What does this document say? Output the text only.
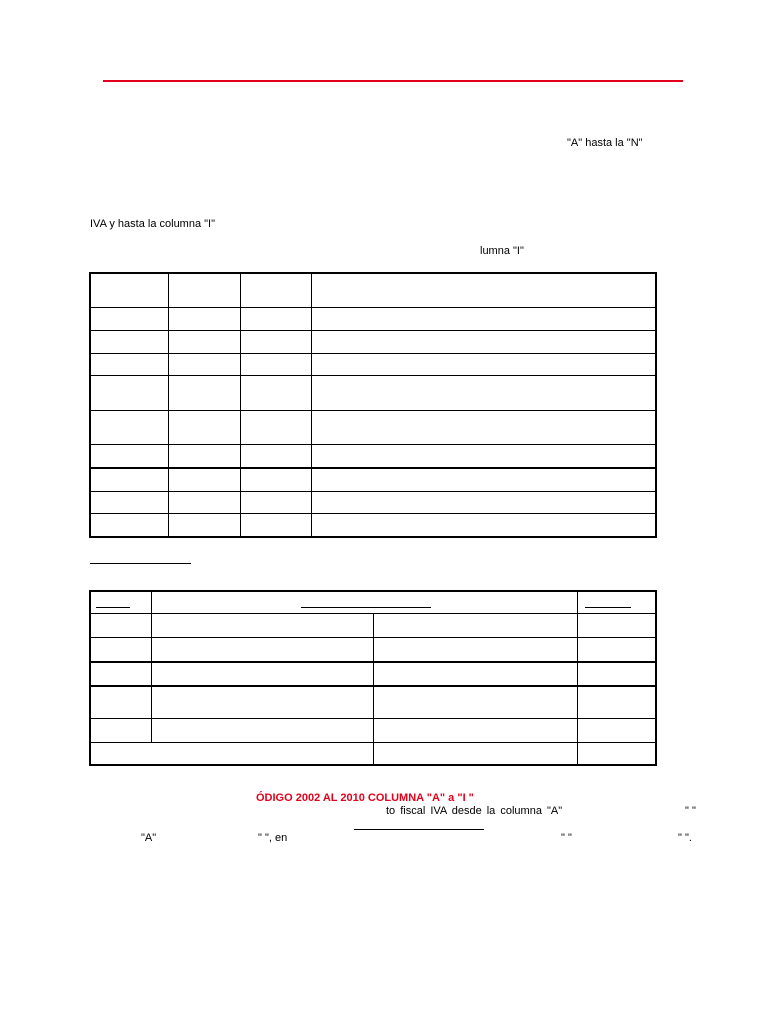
"A" hasta la "N"
IVA y hasta la columna "I"
lumna "I"
ÓDIGO 2002 AL 2010 COLUMNA "A" a "I "
to fiscal IVA desde la columna "A"	" "
"A"	" ", en	" "	" ".
